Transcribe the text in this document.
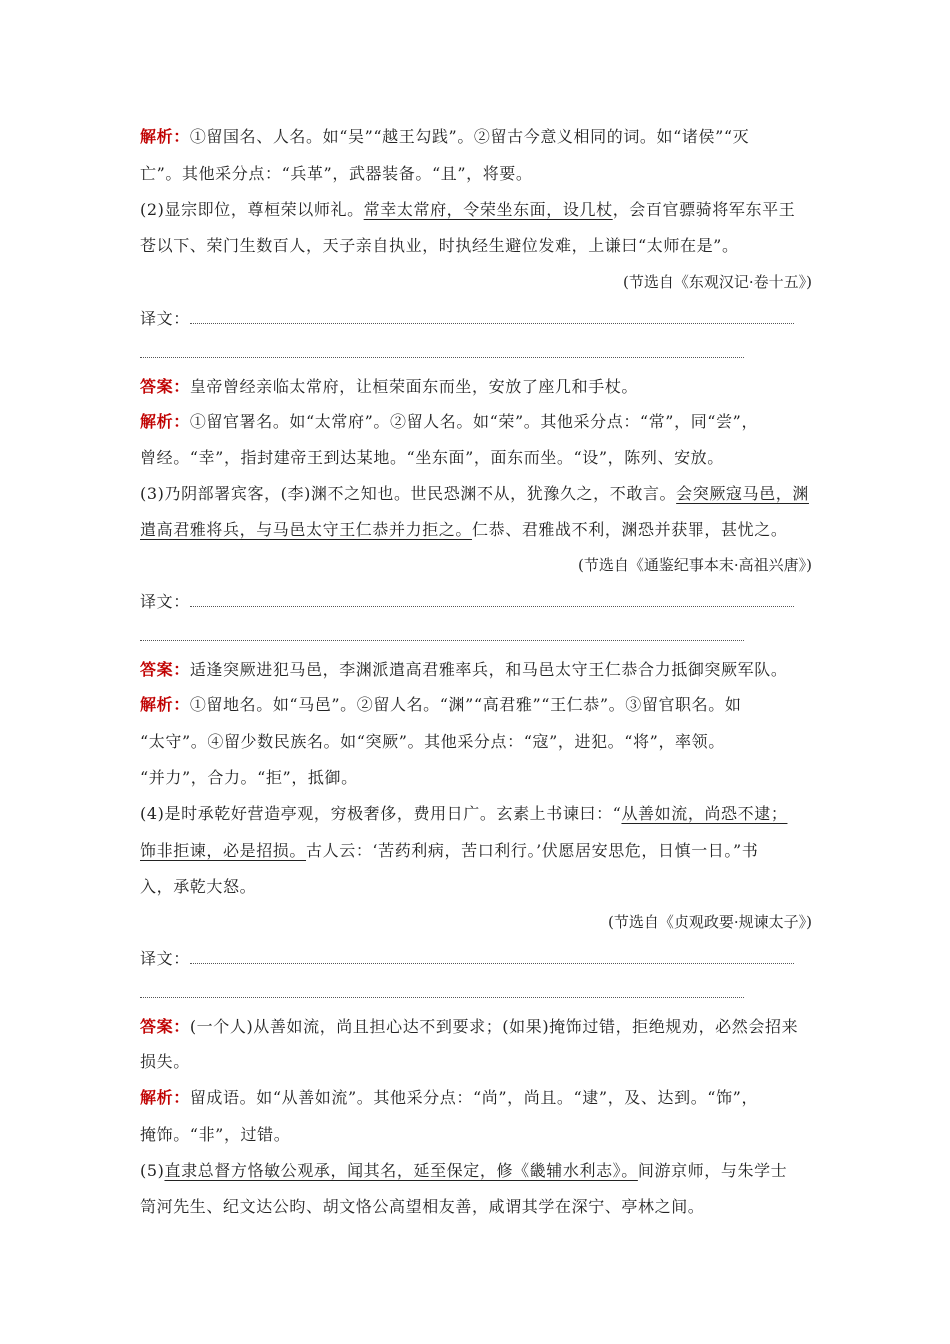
解析：①留国名、人名。如“吴”“越王勾践”。②留古今意义相同的词。如“诸侯”“灭
亡”。其他采分点：“兵革”，武器装备。“且”，将要。
(2)显宗即位，尊桓荣以师礼。常幸太常府，令荣坐东面，设几杖，会百官骠骑将军东平王
苍以下、荣门生数百人，天子亲自执业，时执经生避位发难，上谦曰“太师在是”。
(节选自《东观汉记·卷十五》)
译文：
答案：皇帝曾经亲临太常府，让桓荣面东而坐，安放了座几和手杖。
解析：①留官署名。如“太常府”。②留人名。如“荣”。其他采分点：“常”，同“尝”，
曾经。“幸”，指封建帝王到达某地。“坐东面”，面东而坐。“设”，陈列、安放。
(3)乃阴部署宾客，(李)渊不之知也。世民恐渊不从，犹豫久之，不敢言。会突厥寇马邑，渊
遣高君雅将兵，与马邑太守王仁恭并力拒之。仁恭、君雅战不利，渊恐并获罪，甚忧之。
(节选自《通鉴纪事本末·高祖兴唐》)
译文：
答案：适逢突厥进犯马邑，李渊派遣高君雅率兵，和马邑太守王仁恭合力抵御突厥军队。
解析：①留地名。如“马邑”。②留人名。“渊”“高君雅”“王仁恭”。③留官职名。如
“太守”。④留少数民族名。如“突厥”。其他采分点：“寇”，进犯。“将”，率领。
“并力”，合力。“拒”，抵御。
(4)是时承乾好营造亭观，穷极奢侈，费用日广。玄素上书谏曰：“从善如流，尚恐不逮；
饰非拒谏，必是招损。古人云：‘苦药利病，苦口利行。’伏愿居安思危，日慎一日。”书
入，承乾大怒。
(节选自《贞观政要·规谏太子》)
译文：
答案：(一个人)从善如流，尚且担心达不到要求；(如果)掩饰过错，拒绝规劝，必然会招来
损失。
解析：留成语。如“从善如流”。其他采分点：“尚”，尚且。“逮”，及、达到。“饰”，
掩饰。“非”，过错。
(5)直隶总督方恪敏公观承，闻其名，延至保定，修《畿辅水利志》。间游京师，与朱学士
笥河先生、纪文达公昀、胡文恪公高望相友善，咸谓其学在深宁、亭林之间。
